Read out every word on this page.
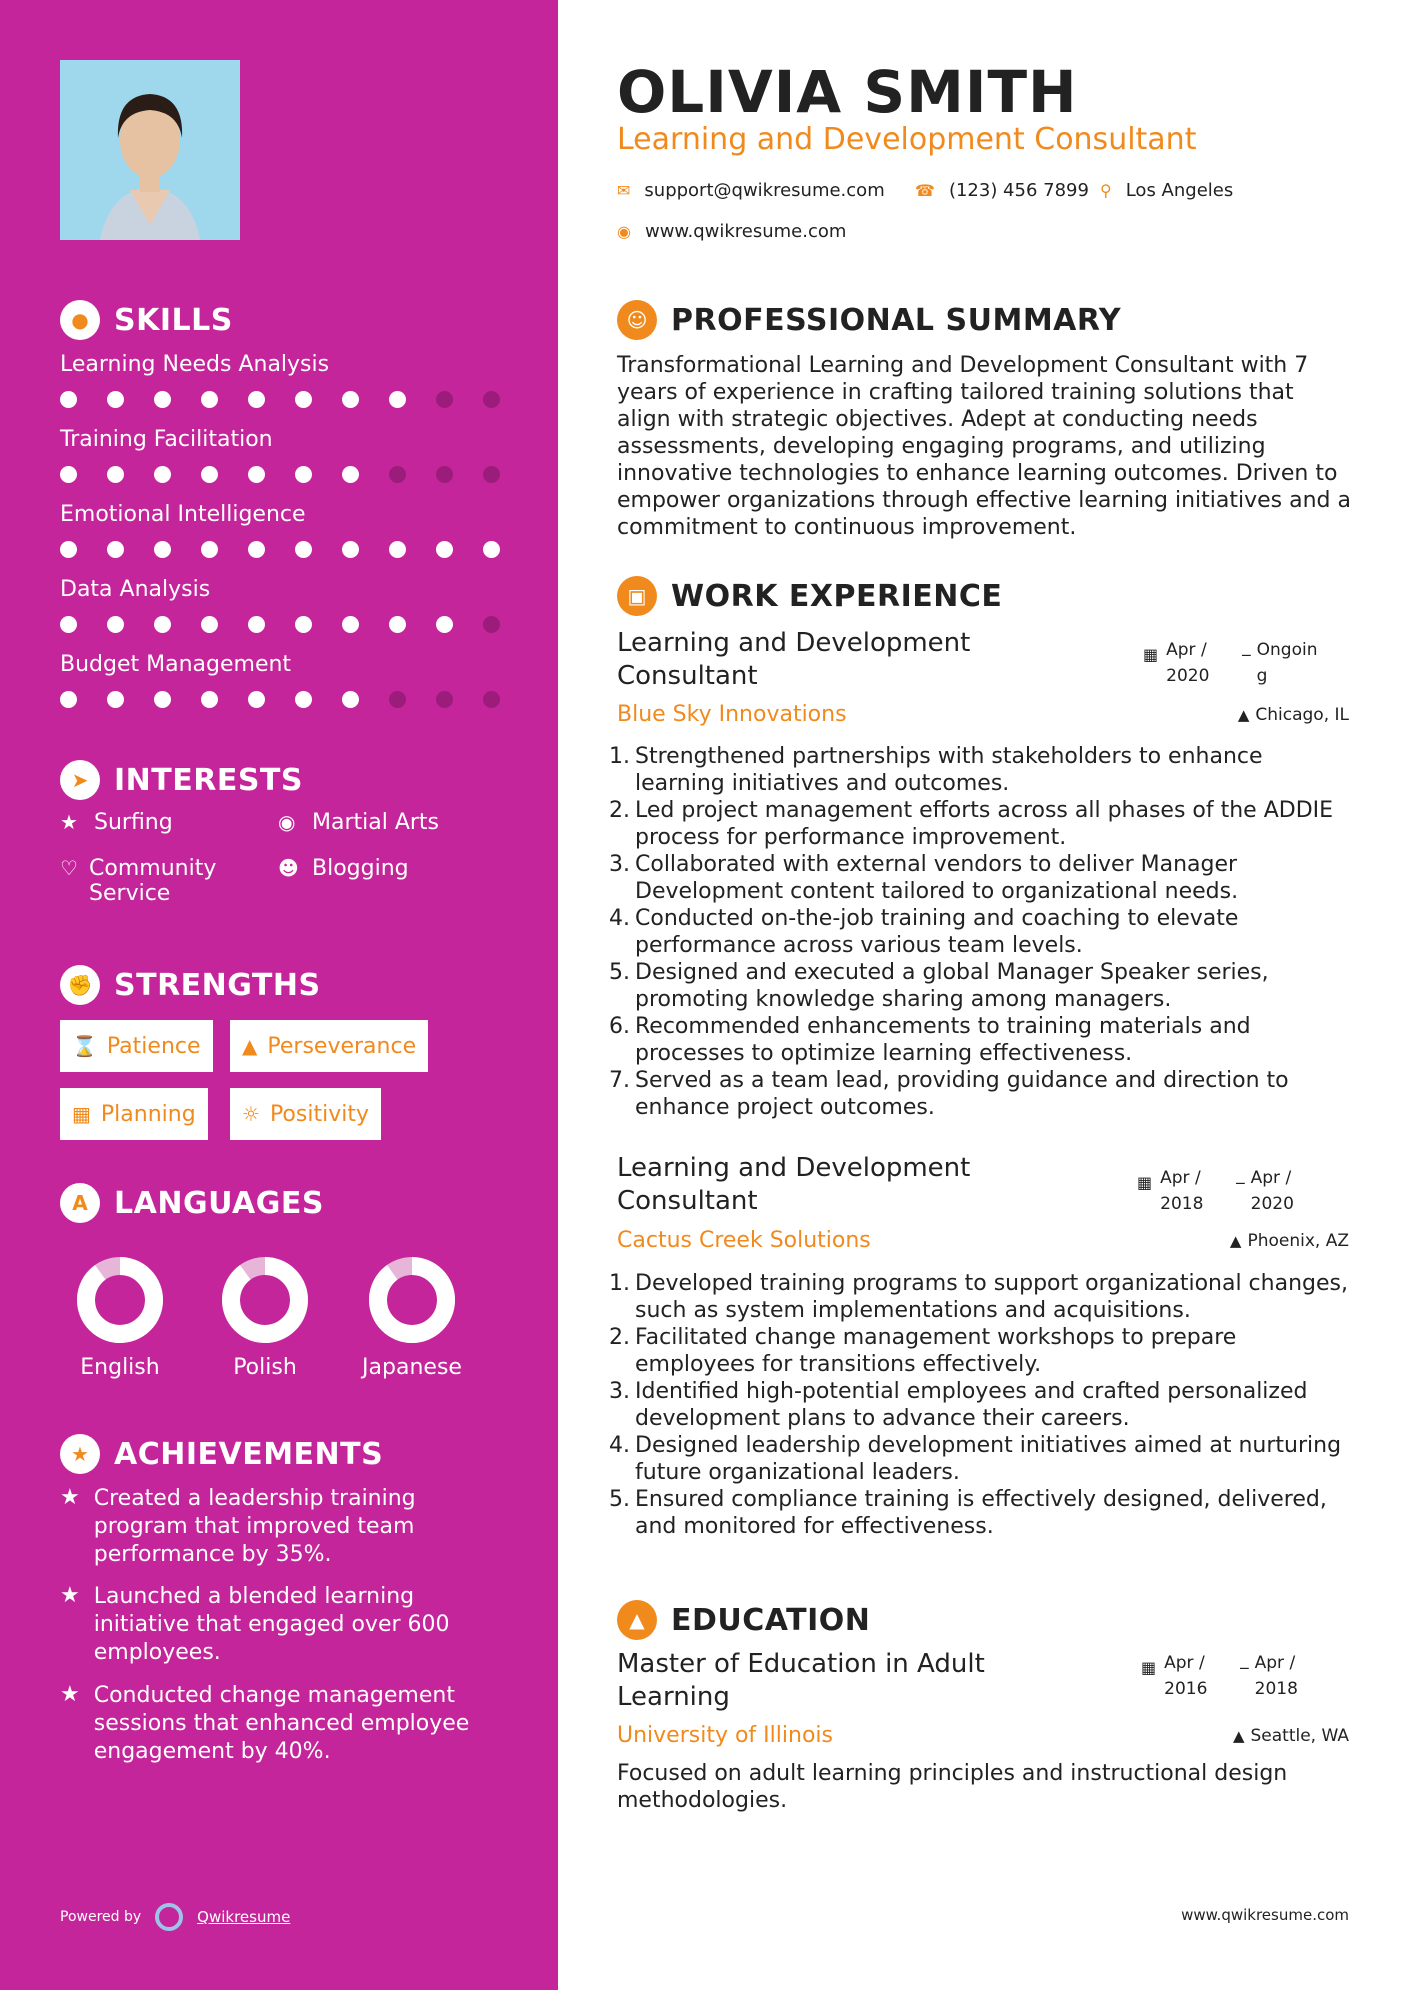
● SKILLS
Learning Needs Analysis
Training Facilitation
Emotional Intelligence
Data Analysis
Budget Management
➤ INTERESTS
★ Surfing	◉ Martial Arts
♡ Community Service
☻ Blogging
✊ STRENGTHS
⌛ Patience ▲ Perseverance
▦ Planning ☼ Positivity
A LANGUAGES
English	Polish	Japanese
★ ACHIEVEMENTS
★ Created a leadership training program that improved team performance by 35%.
★ Launched a blended learning initiative that engaged over 600 employees.
★ Conducted change management sessions that enhanced employee engagement by 40%.
Powered by	Qwikresume
OLIVIA SMITH
Learning and Development Consultant
✉ support@qwikresume.com ☎ (123) 456 7899 ⚲ Los Angeles
◉ www.qwikresume.com
☺ PROFESSIONAL SUMMARY
Transformational Learning and Development Consultant with 7 years of experience in crafting tailored training solutions that align with strategic objectives. Adept at conducting needs assessments, developing engaging programs, and utilizing innovative technologies to enhance learning outcomes. Driven to empower organizations through effective learning initiatives and a commitment to continuous improvement.
▣ WORK EXPERIENCE
Learning and Development Consultant
▦ Apr / 2020
_ Ongoin g
Blue Sky Innovations	▲ Chicago, IL
Strengthened partnerships with stakeholders to enhance learning initiatives and outcomes.
Led project management efforts across all phases of the ADDIE process for performance improvement.
Collaborated with external vendors to deliver Manager Development content tailored to organizational needs.
Conducted on-the-job training and coaching to elevate performance across various team levels.
Designed and executed a global Manager Speaker series, promoting knowledge sharing among managers.
Recommended enhancements to training materials and processes to optimize learning effectiveness.
Served as a team lead, providing guidance and direction to enhance project outcomes.
Learning and Development Consultant
▦ Apr / 2018
_ Apr / 2020
Cactus Creek Solutions	▲ Phoenix, AZ
Developed training programs to support organizational changes, such as system implementations and acquisitions.
Facilitated change management workshops to prepare employees for transitions effectively.
Identified high-potential employees and crafted personalized development plans to advance their careers.
Designed leadership development initiatives aimed at nurturing future organizational leaders.
Ensured compliance training is effectively designed, delivered, and monitored for effectiveness.
▲ EDUCATION
Master of Education in Adult Learning
▦ Apr / 2016
_ Apr / 2018
University of Illinois	▲ Seattle, WA
Focused on adult learning principles and instructional design methodologies.
www.qwikresume.com
